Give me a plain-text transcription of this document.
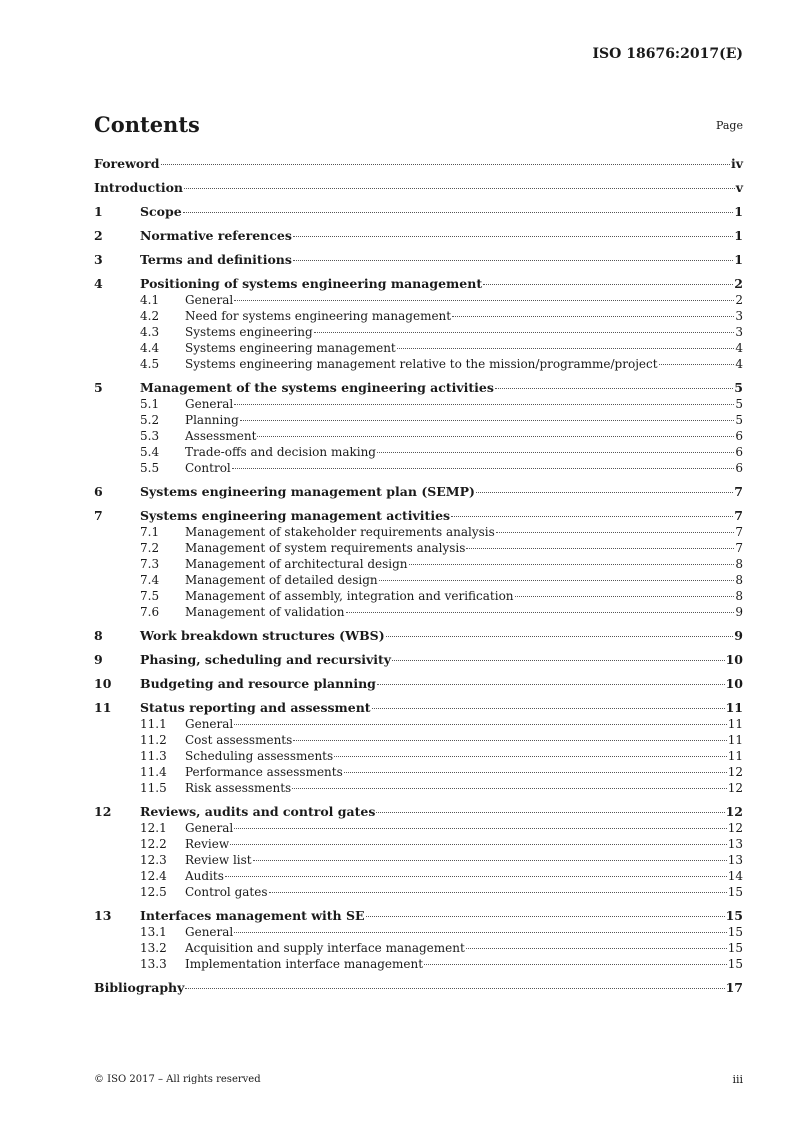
ISO 18676:2017(E)
Contents	Page
Foreword	iv
Introduction	v
1	Scope	1
2	Normative references	1
3	Terms and definitions	1
4	Positioning of systems engineering management	2
4.1	General	2
4.2	Need for systems engineering management	3
4.3	Systems engineering	3
4.4	Systems engineering management	4
4.5	Systems engineering management relative to the mission/programme/project	4
5	Management of the systems engineering activities	5
5.1	General	5
5.2	Planning	5
5.3	Assessment	6
5.4	Trade-offs and decision making	6
5.5	Control	6
6	Systems engineering management plan (SEMP)	7
7	Systems engineering management activities	7
7.1	Management of stakeholder requirements analysis	7
7.2	Management of system requirements analysis	7
7.3	Management of architectural design	8
7.4	Management of detailed design	8
7.5	Management of assembly, integration and verification	8
7.6	Management of validation	9
8	Work breakdown structures (WBS)	9
9	Phasing, scheduling and recursivity	10
10	Budgeting and resource planning	10
11	Status reporting and assessment	11
11.1	General	11
11.2	Cost assessments	11
11.3	Scheduling assessments	11
11.4	Performance assessments	12
11.5	Risk assessments	12
12	Reviews, audits and control gates	12
12.1	General	12
12.2	Review	13
12.3	Review list	13
12.4	Audits	14
12.5	Control gates	15
13	Interfaces management with SE	15
13.1	General	15
13.2	Acquisition and supply interface management	15
13.3	Implementation interface management	15
Bibliography	17
© ISO 2017 – All rights reserved	iii
